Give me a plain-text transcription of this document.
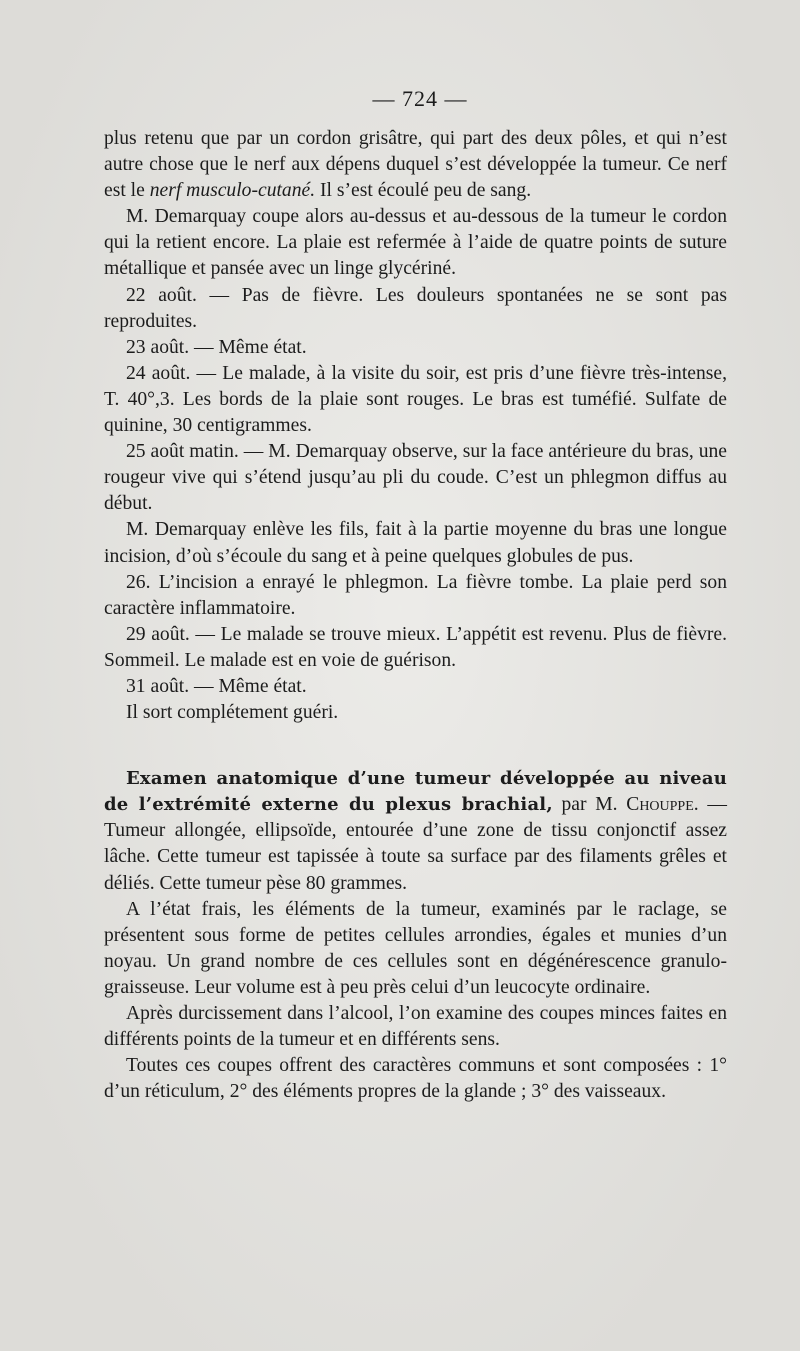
— 724 —

plus retenu que par un cordon grisâtre, qui part des deux pôles, et qui n’est autre chose que le nerf aux dépens duquel s’est développée la tumeur. Ce nerf est le nerf musculo-cutané. Il s’est écoulé peu de sang.

M. Demarquay coupe alors au-dessus et au-dessous de la tumeur le cordon qui la retient encore. La plaie est refermée à l’aide de quatre points de suture métallique et pansée avec un linge glycériné.

22 août. — Pas de fièvre. Les douleurs spontanées ne se sont pas reproduites.

23 août. — Même état.

24 août. — Le malade, à la visite du soir, est pris d’une fièvre très-intense, T. 40°,3. Les bords de la plaie sont rouges. Le bras est tuméfié. Sulfate de quinine, 30 centigrammes.

25 août matin. — M. Demarquay observe, sur la face antérieure du bras, une rougeur vive qui s’étend jusqu’au pli du coude. C’est un phlegmon diffus au début.

M. Demarquay enlève les fils, fait à la partie moyenne du bras une longue incision, d’où s’écoule du sang et à peine quelques globules de pus.

26. L’incision a enrayé le phlegmon. La fièvre tombe. La plaie perd son caractère inflammatoire.

29 août. — Le malade se trouve mieux. L’appétit est revenu. Plus de fièvre. Sommeil. Le malade est en voie de guérison.

31 août. — Même état.

Il sort complétement guéri.

Examen anatomique d’une tumeur développée au niveau de l’extrémité externe du plexus brachial, par M. Chouppe. — Tumeur allongée, ellipsoïde, entourée d’une zone de tissu conjonctif assez lâche. Cette tumeur est tapissée à toute sa surface par des filaments grêles et déliés. Cette tumeur pèse 80 grammes.

A l’état frais, les éléments de la tumeur, examinés par le raclage, se présentent sous forme de petites cellules arrondies, égales et munies d’un noyau. Un grand nombre de ces cellules sont en dégénérescence granulo-graisseuse. Leur volume est à peu près celui d’un leucocyte ordinaire.

Après durcissement dans l’alcool, l’on examine des coupes minces faites en différents points de la tumeur et en différents sens.

Toutes ces coupes offrent des caractères communs et sont composées : 1° d’un réticulum, 2° des éléments propres de la glande ; 3° des vaisseaux.
